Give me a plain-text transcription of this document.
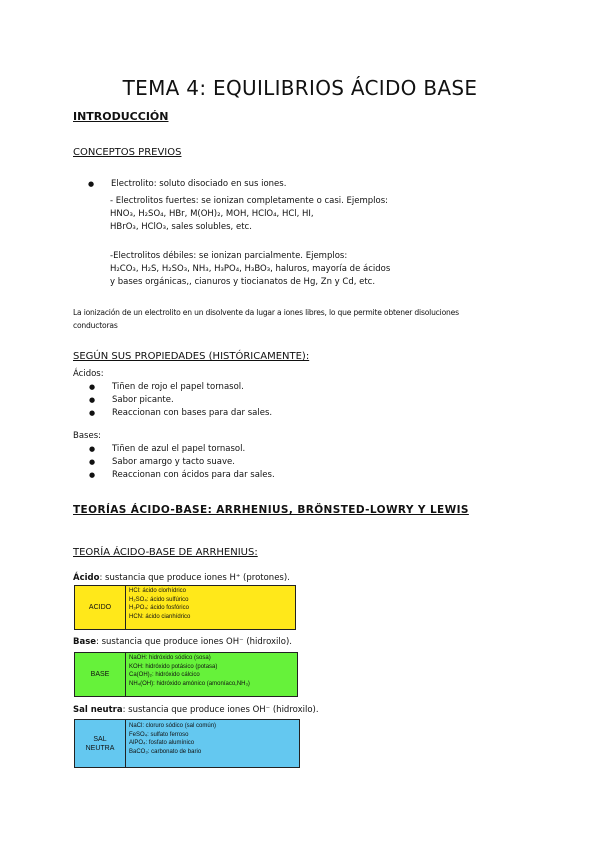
TEMA 4: EQUILIBRIOS ÁCIDO BASE
INTRODUCCIÓN
CONCEPTOS PREVIOS
● Electrolito: soluto disociado en sus iones.
- Electrolitos fuertes: se ionizan completamente o casi. Ejemplos:
HNO₃, H₂SO₄, HBr, M(OH)₂, MOH, HClO₄, HCl, HI,
HBrO₃, HClO₃, sales solubles, etc.
-Electrolitos débiles: se ionizan parcialmente. Ejemplos:
H₂CO₃, H₂S, H₂SO₃, NH₃, H₃PO₄, H₃BO₃, haluros, mayoría de ácidos
y bases orgánicas,, cianuros y tiocianatos de Hg, Zn y Cd, etc.
La ionización de un electrolito en un disolvente da lugar a iones libres, lo que permite obtener disoluciones
conductoras
SEGÚN SUS PROPIEDADES (HISTÓRICAMENTE):
Ácidos:
● Tiñen de rojo el papel tornasol.
● Sabor picante.
● Reaccionan con bases para dar sales.
Bases:
● Tiñen de azul el papel tornasol.
● Sabor amargo y tacto suave.
● Reaccionan con ácidos para dar sales.
TEORÍAS ÁCIDO-BASE: ARRHENIUS, BRÖNSTED-LOWRY Y LEWIS
TEORÍA ÁCIDO-BASE DE ARRHENIUS:
Ácido: sustancia que produce iones H⁺ (protones).
ACIDO
HCl: ácido clorhídrico
H₂SO₄: ácido sulfúrico
H₃PO₄: ácido fosfórico
HCN: ácido cianhídrico
Base: sustancia que produce iones OH⁻ (hidroxilo).
BASE
NaOH: hidróxido sódico (sosa)
KOH: hidróxido potásico (potasa)
Ca(OH)₂: hidróxido cálcico
NH₄(OH): hidróxido amónico (amoníaco,NH₃)
Sal neutra: sustancia que produce iones OH⁻ (hidroxilo).
SAL
NEUTRA
NaCl: cloruro sódico (sal común)
FeSO₄: sulfato ferroso
AlPO₄: fosfato alumínico
BaCO₃: carbonato de bario
